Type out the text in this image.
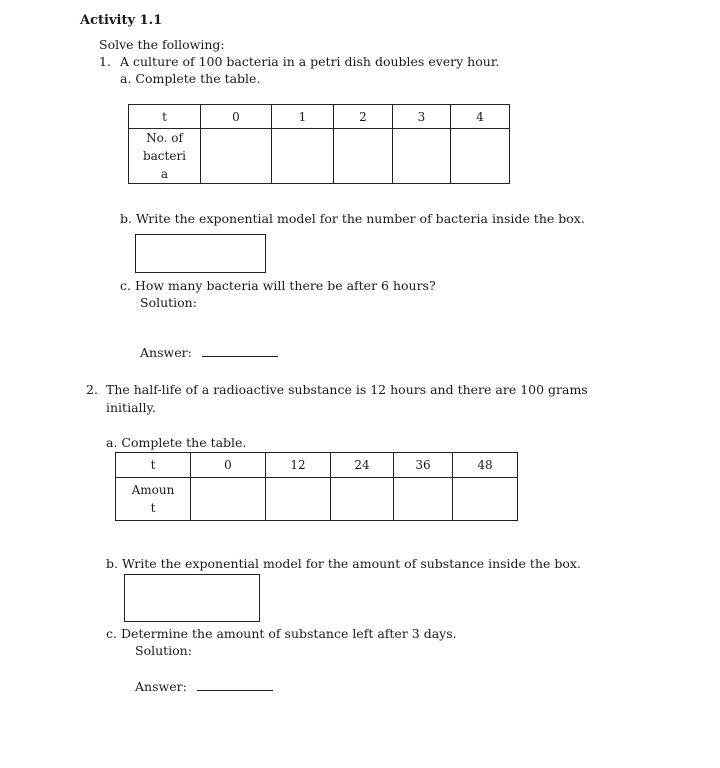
Activity 1.1
Solve the following:
1. A culture of 100 bacteria in a petri dish doubles every hour.
a. Complete the table.
t	0	1	2	3	4

No. of
bacteri
a					

b. Write the exponential model for the number of bacteria inside the box.
c. How many bacteria will there be after 6 hours?
Solution:
Answer:
2. The half-life of a radioactive substance is 12 hours and there are 100 grams
initially.
a. Complete the table.
t	0	12	24	36	48

Amoun
t					

b. Write the exponential model for the amount of substance inside the box.
c. Determine the amount of substance left after 3 days.
Solution:
Answer:
